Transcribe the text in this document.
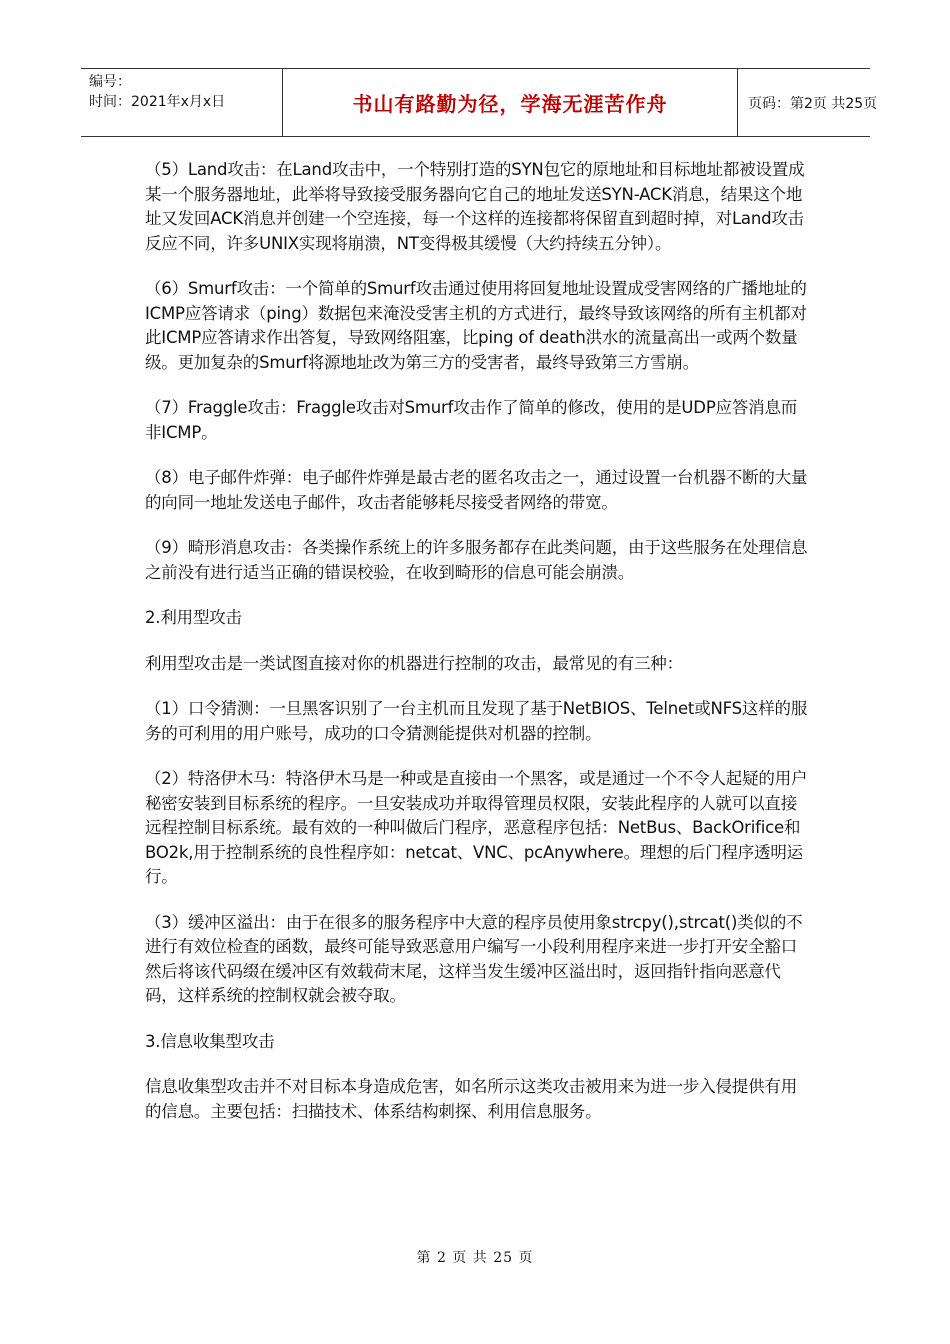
编号：
时间：2021年x月x日	书山有路勤为径，学海无涯苦作舟	页码：第2页 共25页

（5）Land攻击：在Land攻击中，一个特别打造的SYN包它的原地址和目标地址都被设置成某一个服务器地址，此举将导致接受服务器向它自己的地址发送SYN-ACK消息，结果这个地址又发回ACK消息并创建一个空连接，每一个这样的连接都将保留直到超时掉，对Land攻击反应不同，许多UNIX实现将崩溃，NT变得极其缓慢（大约持续五分钟）。

（6）Smurf攻击：一个简单的Smurf攻击通过使用将回复地址设置成受害网络的广播地址的ICMP应答请求（ping）数据包来淹没受害主机的方式进行，最终导致该网络的所有主机都对此ICMP应答请求作出答复，导致网络阻塞，比ping of death洪水的流量高出一或两个数量级。更加复杂的Smurf将源地址改为第三方的受害者，最终导致第三方雪崩。

（7）Fraggle攻击：Fraggle攻击对Smurf攻击作了简单的修改，使用的是UDP应答消息而非ICMP。

（8）电子邮件炸弹：电子邮件炸弹是最古老的匿名攻击之一，通过设置一台机器不断的大量的向同一地址发送电子邮件，攻击者能够耗尽接受者网络的带宽。

（9）畸形消息攻击：各类操作系统上的许多服务都存在此类问题，由于这些服务在处理信息之前没有进行适当正确的错误校验，在收到畸形的信息可能会崩溃。

2.利用型攻击

利用型攻击是一类试图直接对你的机器进行控制的攻击，最常见的有三种：

（1）口令猜测：一旦黑客识别了一台主机而且发现了基于NetBIOS、Telnet或NFS这样的服务的可利用的用户账号，成功的口令猜测能提供对机器的控制。

（2）特洛伊木马：特洛伊木马是一种或是直接由一个黑客，或是通过一个不令人起疑的用户秘密安装到目标系统的程序。一旦安装成功并取得管理员权限，安装此程序的人就可以直接远程控制目标系统。最有效的一种叫做后门程序，恶意程序包括：NetBus、BackOrifice和BO2k,用于控制系统的良性程序如：netcat、VNC、pcAnywhere。理想的后门程序透明运行。

（3）缓冲区溢出：由于在很多的服务程序中大意的程序员使用象strcpy(),strcat()类似的不进行有效位检查的函数，最终可能导致恶意用户编写一小段利用程序来进一步打开安全豁口然后将该代码缀在缓冲区有效载荷末尾，这样当发生缓冲区溢出时，返回指针指向恶意代码，这样系统的控制权就会被夺取。

3.信息收集型攻击

信息收集型攻击并不对目标本身造成危害，如名所示这类攻击被用来为进一步入侵提供有用的信息。主要包括：扫描技术、体系结构刺探、利用信息服务。

第 2 页 共 25 页
